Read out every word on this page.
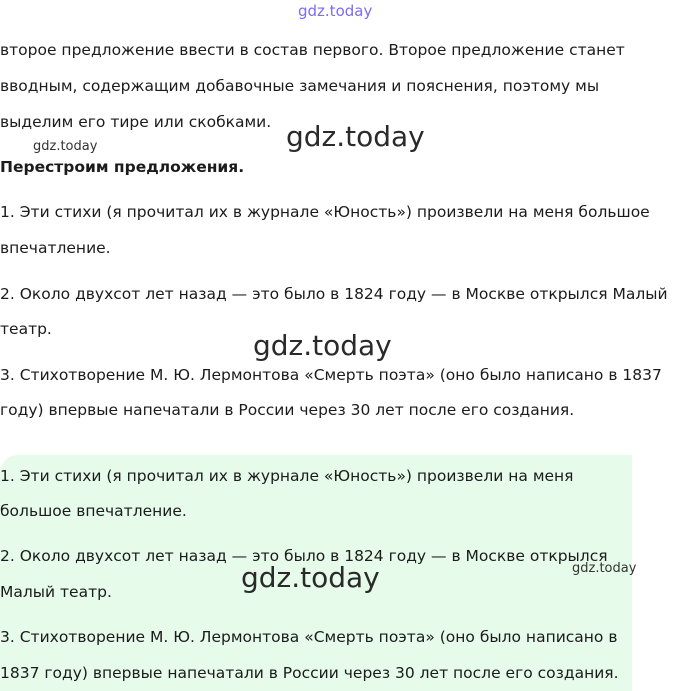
gdz.today
второе предложение ввести в состав первого. Второе предложение станет
вводным, содержащим добавочные замечания и пояснения, поэтому мы
выделим его тире или скобками.
gdz.today	gdz.today
Перестроим предложения.
1. Эти стихи (я прочитал их в журнале «Юность») произвели на меня большое
впечатление.
2. Около двухсот лет назад — это было в 1824 году — в Москве открылся Малый
театр.	gdz.today
3. Стихотворение М. Ю. Лермонтова «Смерть поэта» (оно было написано в 1837
году) впервые напечатали в России через 30 лет после его создания.
1. Эти стихи (я прочитал их в журнале «Юность») произвели на меня
большое впечатление.
2. Около двухсот лет назад — это было в 1824 году — в Москве открылся
Малый театр.	gdz.today	gdz.today
3. Стихотворение М. Ю. Лермонтова «Смерть поэта» (оно было написано в
1837 году) впервые напечатали в России через 30 лет после его создания.
